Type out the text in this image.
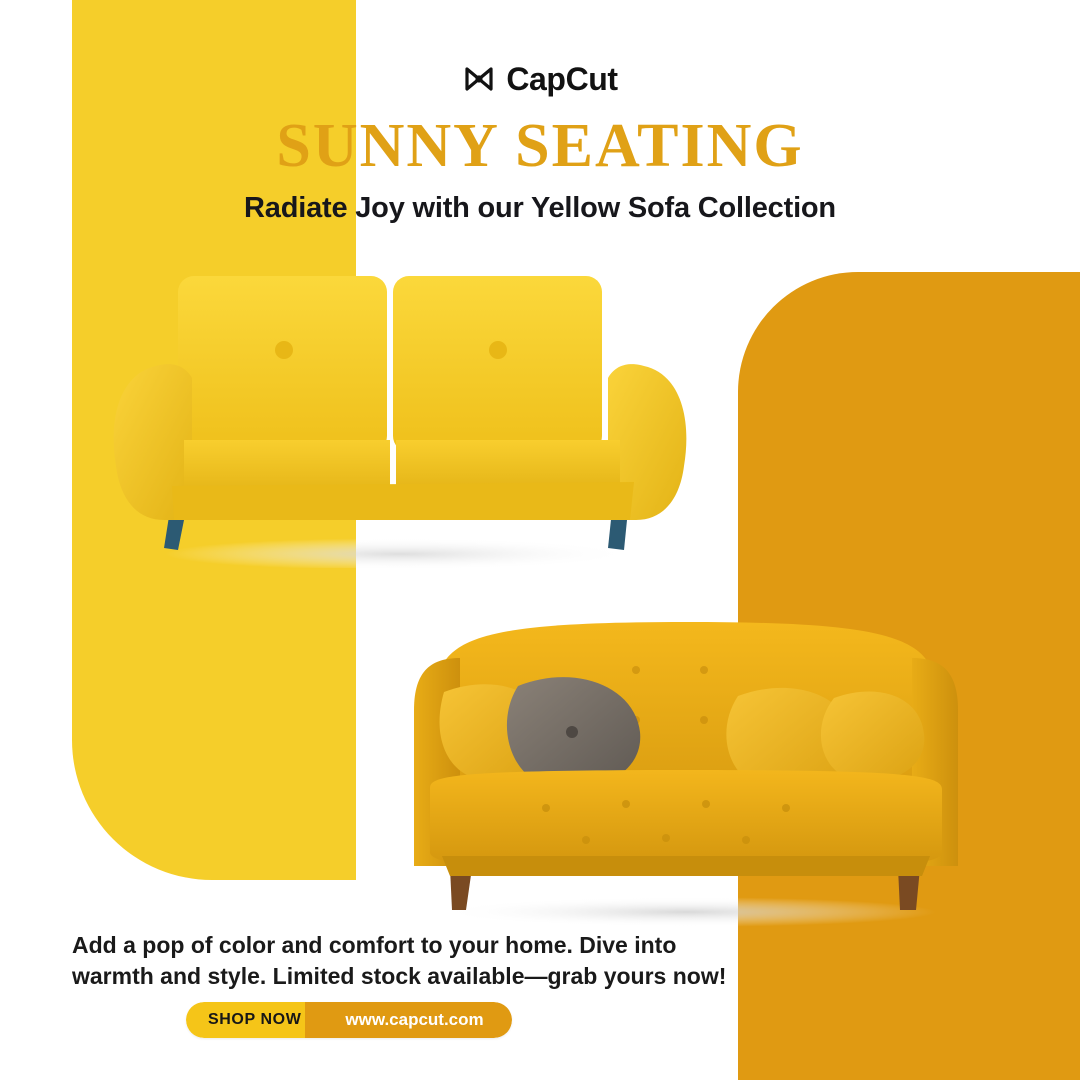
CapCut
SUNNY SEATING
Radiate Joy with our Yellow Sofa Collection
Add a pop of color and comfort to your home. Dive into warmth and style. Limited stock available—grab yours now!
SHOP NOW	www.capcut.com
